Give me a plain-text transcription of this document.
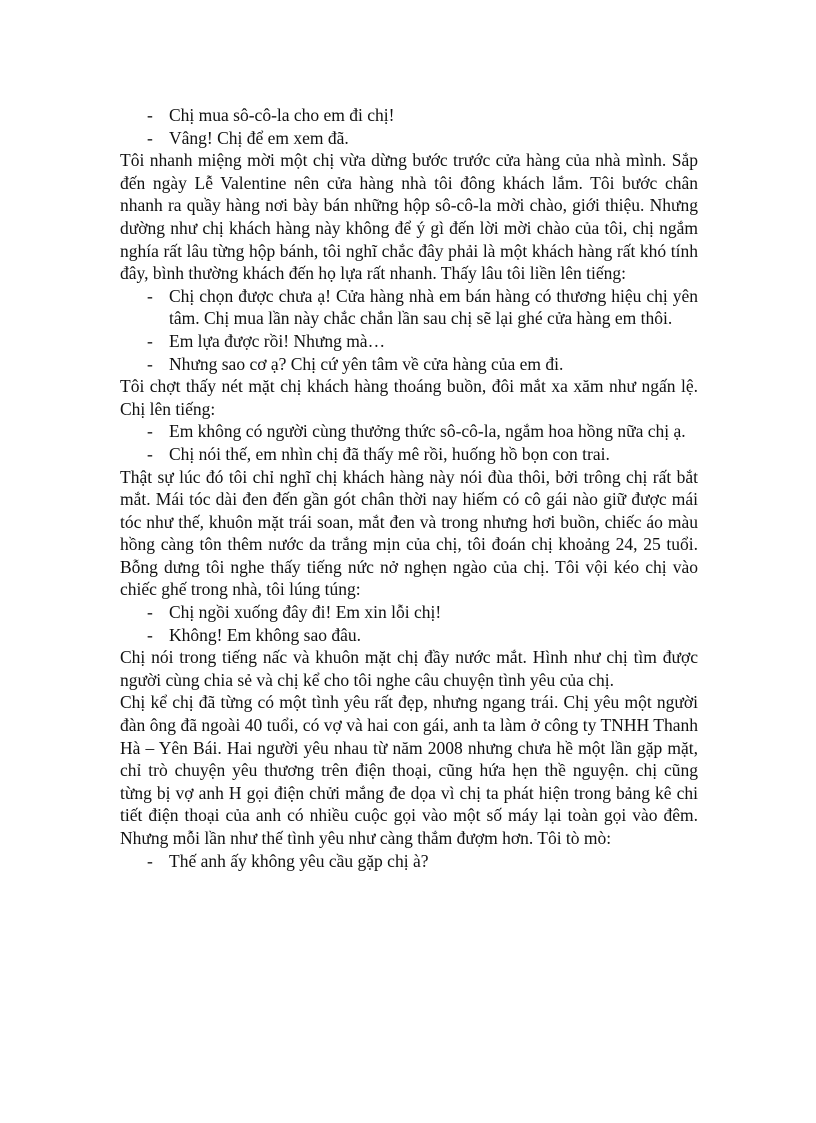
- Chị mua sô-cô-la cho em đi chị!

- Vâng! Chị để em xem đã.

Tôi nhanh miệng mời một chị vừa dừng bước trước cửa hàng của nhà mình. Sắp đến ngày Lễ Valentine nên cửa hàng nhà tôi đông khách lắm. Tôi bước chân nhanh ra quầy hàng nơi bày bán những hộp sô-cô-la mời chào, giới thiệu. Nhưng dường như chị khách hàng này không để ý gì đến lời mời chào của tôi, chị ngắm nghía rất lâu từng hộp bánh, tôi nghĩ chắc đây phải là một khách hàng rất khó tính đây, bình thường khách đến họ lựa rất nhanh. Thấy lâu tôi liền lên tiếng:

- Chị chọn được chưa ạ! Cửa hàng nhà em bán hàng có thương hiệu chị yên tâm. Chị mua lần này chắc chắn lần sau chị sẽ lại ghé cửa hàng em thôi.

- Em lựa được rồi! Nhưng mà…

- Nhưng sao cơ ạ? Chị cứ yên tâm về cửa hàng của em đi.

Tôi chợt thấy nét mặt chị khách hàng thoáng buồn, đôi mắt xa xăm như ngấn lệ. Chị lên tiếng:

- Em không có người cùng thưởng thức sô-cô-la, ngắm hoa hồng nữa chị ạ.

- Chị nói thế, em nhìn chị đã thấy mê rồi, huống hồ bọn con trai.

Thật sự lúc đó tôi chỉ nghĩ chị khách hàng này nói đùa thôi, bởi trông chị rất bắt mắt. Mái tóc dài đen đến gần gót chân thời nay hiếm có cô gái nào giữ được mái tóc như thế, khuôn mặt trái soan, mắt đen và trong nhưng hơi buồn, chiếc áo màu hồng càng tôn thêm nước da trắng mịn của chị, tôi đoán chị khoảng 24, 25 tuổi. Bỗng dưng tôi nghe thấy tiếng nức nở nghẹn ngào của chị. Tôi vội kéo chị vào chiếc ghế trong nhà, tôi lúng túng:

- Chị ngồi xuống đây đi! Em xin lỗi chị!

- Không! Em không sao đâu.

Chị nói trong tiếng nấc và khuôn mặt chị đầy nước mắt. Hình như chị tìm được người cùng chia sẻ và chị kể cho tôi nghe câu chuyện tình yêu của chị.

Chị kể chị đã từng có một tình yêu rất đẹp, nhưng ngang trái. Chị yêu một người đàn ông đã ngoài 40 tuổi, có vợ và hai con gái, anh ta làm ở công ty TNHH Thanh Hà – Yên Bái. Hai người yêu nhau từ năm 2008 nhưng chưa hề một lần gặp mặt, chỉ trò chuyện yêu thương trên điện thoại, cũng hứa hẹn thề nguyện. chị cũng từng bị vợ anh H gọi điện chửi mắng đe dọa vì chị ta phát hiện trong bảng kê chi tiết điện thoại của anh có nhiều cuộc gọi vào một số máy lại toàn gọi vào đêm. Nhưng mỗi lần như thế tình yêu như càng thắm đượm hơn. Tôi tò mò:

- Thế anh ấy không yêu cầu gặp chị à?
